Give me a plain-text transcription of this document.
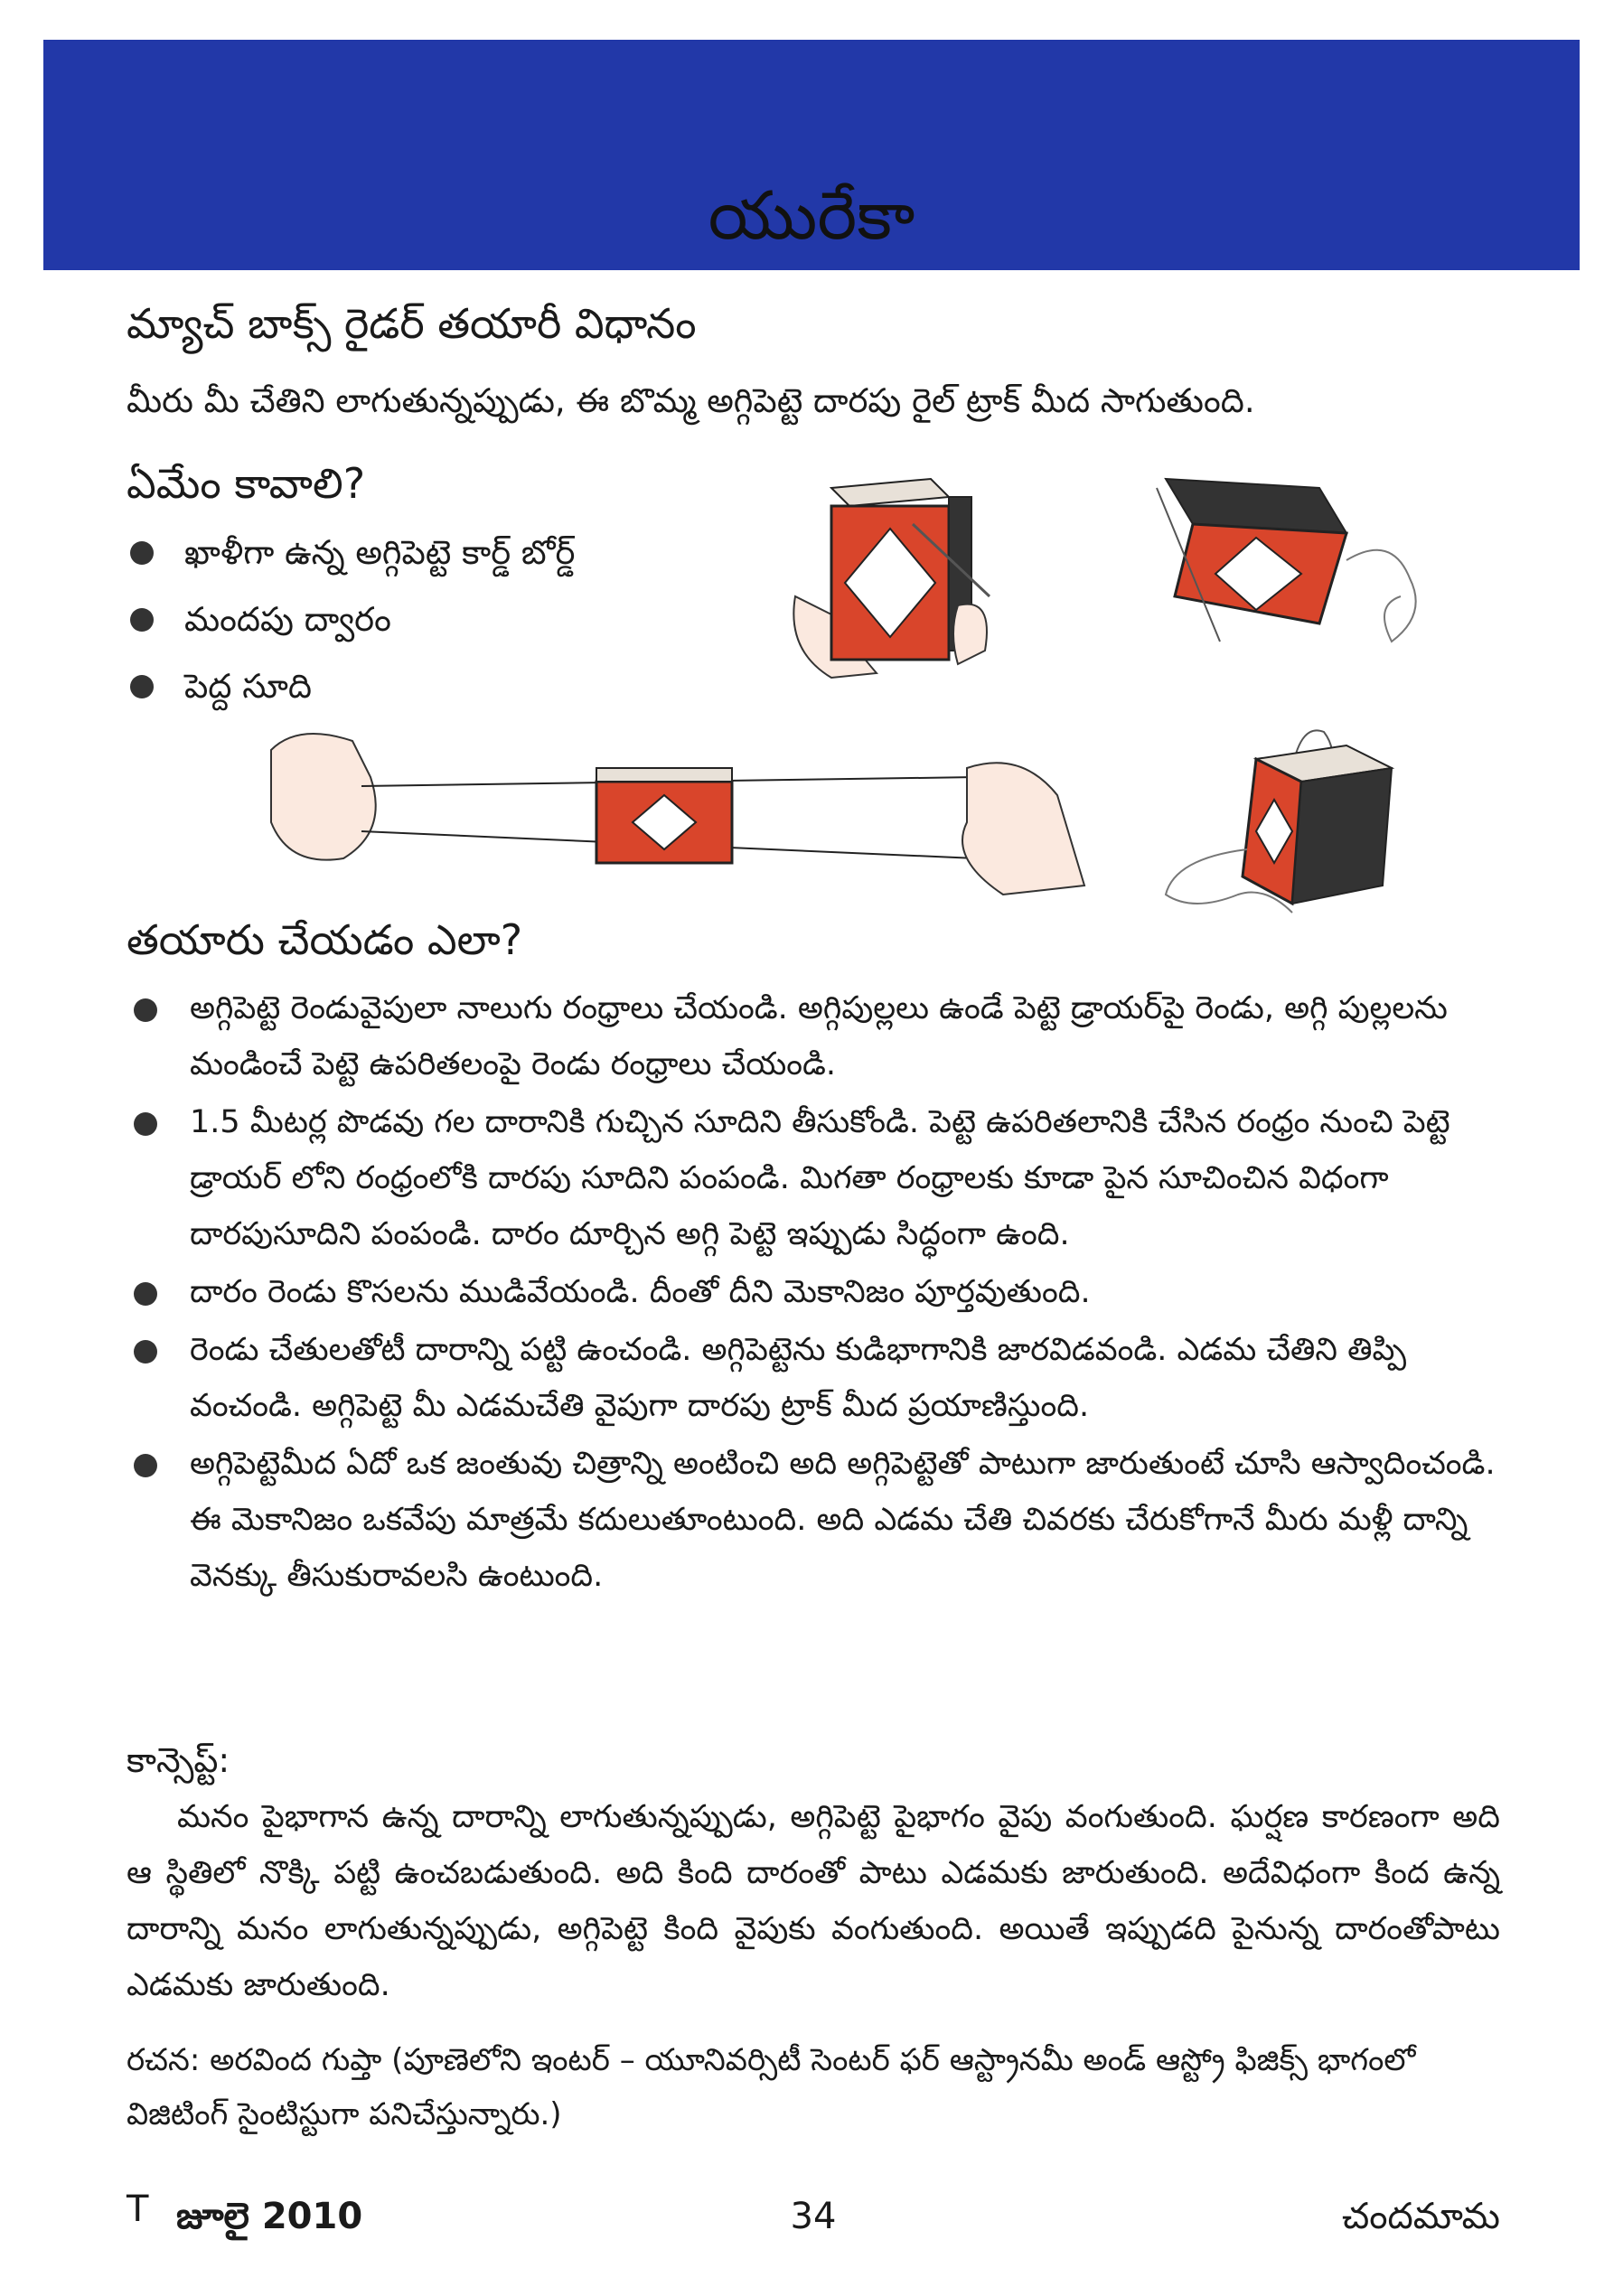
యురేకా
మ్యాచ్ బాక్స్ రైడర్ తయారీ విధానం
మీరు మీ చేతిని లాగుతున్నప్పుడు, ఈ బొమ్మ అగ్గిపెట్టె దారపు రైల్ ట్రాక్ మీద సాగుతుంది.
ఏమేం కావాలి?
ఖాళీగా ఉన్న అగ్గిపెట్టె కార్డ్ బోర్డ్
మందపు ద్వారం
పెద్ద సూది
తయారు చేయడం ఎలా?
అగ్గిపెట్టె రెండువైపులా నాలుగు రంధ్రాలు చేయండి. అగ్గిపుల్లలు ఉండే పెట్టె డ్రాయర్‌పై రెండు, అగ్గి పుల్లలను మండించే పెట్టె ఉపరితలంపై రెండు రంధ్రాలు చేయండి.
1.5 మీటర్ల పొడవు గల దారానికి గుచ్చిన సూదిని తీసుకోండి. పెట్టె ఉపరితలానికి చేసిన రంధ్రం నుంచి పెట్టె డ్రాయర్ లోని రంధ్రంలోకి దారపు సూదిని పంపండి. మిగతా రంధ్రాలకు కూడా పైన సూచించిన విధంగా దారపుసూదిని పంపండి. దారం దూర్చిన అగ్గి పెట్టె ఇప్పుడు సిద్ధంగా ఉంది.
దారం రెండు కొసలను ముడివేయండి. దీంతో దీని మెకానిజం పూర్తవుతుంది.
రెండు చేతులతోటీ దారాన్ని పట్టి ఉంచండి. అగ్గిపెట్టెను కుడిభాగానికి జారవిడవండి. ఎడమ చేతిని తిప్పి వంచండి. అగ్గిపెట్టె మీ ఎడమచేతి వైపుగా దారపు ట్రాక్ మీద ప్రయాణిస్తుంది.
అగ్గిపెట్టెమీద ఏదో ఒక జంతువు చిత్రాన్ని అంటించి అది అగ్గిపెట్టెతో పాటుగా జారుతుంటే చూసి ఆస్వాదించండి. ఈ మెకానిజం ఒకవేపు మాత్రమే కదులుతూంటుంది. అది ఎడమ చేతి చివరకు చేరుకోగానే మీరు మళ్లీ దాన్ని వెనక్కు తీసుకురావలసి ఉంటుంది.
కాన్సెప్ట్:
మనం పైభాగాన ఉన్న దారాన్ని లాగుతున్నప్పుడు, అగ్గిపెట్టె పైభాగం వైపు వంగుతుంది. ఘర్షణ కారణంగా అది ఆ స్థితిలో నొక్కి పట్టి ఉంచబడుతుంది. అది కింది దారంతో పాటు ఎడమకు జారుతుంది. అదేవిధంగా కింద ఉన్న దారాన్ని మనం లాగుతున్నప్పుడు, అగ్గిపెట్టె కింది వైపుకు వంగుతుంది. అయితే ఇప్పుడది పైనున్న దారంతోపాటు ఎడమకు జారుతుంది.
రచన: అరవింద గుప్తా (పూణెలోని ఇంటర్ – యూనివర్సిటీ సెంటర్ ఫర్ ఆస్ట్రానమీ అండ్ ఆస్ట్రో ఫిజిక్స్ భాగంలో విజిటింగ్ సైంటిస్టుగా పనిచేస్తున్నారు.)
T జూలై 2010	34	చందమామ
